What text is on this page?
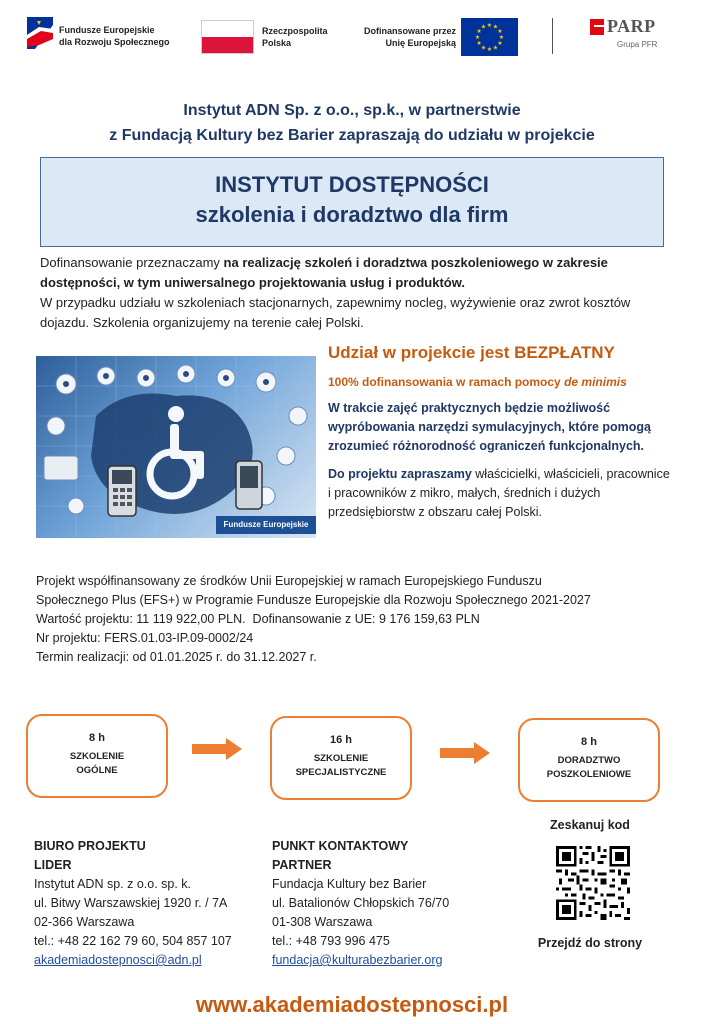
Fundusze Europejskie
dla Rozwoju Społecznego
Rzeczpospolita
Polska
Dofinansowane przez
Unię Europejską
★ ★
★
★
★
★
★
★
★
★
★
★	PARP
Grupa PFR
Instytut ADN Sp. z o.o., sp.k., w partnerstwie
z Fundacją Kultury bez Barier zapraszają do udziału w projekcie
INSTYTUT DOSTĘPNOŚCI
szkolenia i doradztwo dla firm
Dofinansowanie przeznaczamy na realizację szkoleń i doradztwa poszkoleniowego w zakresie dostępności, w tym uniwersalnego projektowania usług i produktów.
W przypadku udziału w szkoleniach stacjonarnych, zapewnimy nocleg, wyżywienie oraz zwrot kosztów dojazdu. Szkolenia organizujemy na terenie całej Polski.
Fundusze Europejskie
Udział w projekcie jest BEZPŁATNY
100% dofinansowania w ramach pomocy de minimis
W trakcie zajęć praktycznych będzie możliwość wypróbowania narzędzi symulacyjnych, które pomogą zrozumieć różnorodność ograniczeń funkcjonalnych.
Do projektu zapraszamy właścicielki, właścicieli, pracownice i pracowników z mikro, małych, średnich i dużych przedsiębiorstw z obszaru całej Polski.
Projekt współfinansowany ze środków Unii Europejskiej w ramach Europejskiego Funduszu
Społecznego Plus (EFS+) w Programie Fundusze Europejskie dla Rozwoju Społecznego 2021-2027
Wartość projektu: 11 119 922,00 PLN.  Dofinansowanie z UE: 9 176 159,63 PLN
Nr projektu: FERS.01.03-IP.09-0002/24
Termin realizacji: od 01.01.2025 r. do 31.12.2027 r.
8 h
SZKOLENIE
OGÓLNE
16 h
SZKOLENIE
SPECJALISTYCZNE
8 h
DORADZTWO
POSZKOLENIOWE
BIURO PROJEKTU
LIDER
Instytut ADN sp. z o.o. sp. k.
ul. Bitwy Warszawskiej 1920 r. / 7A
02-366 Warszawa
tel.: +48 22 162 79 60, 504 857 107
akademiadostepnosci@adn.pl
PUNKT KONTAKTOWY
PARTNER
Fundacja Kultury bez Barier
ul. Batalionów Chłopskich 76/70
01-308 Warszawa
tel.: +48 793 996 475
fundacja@kulturabezbarier.org
Zeskanuj kod
Przejdź do strony
www.akademiadostepnosci.pl
